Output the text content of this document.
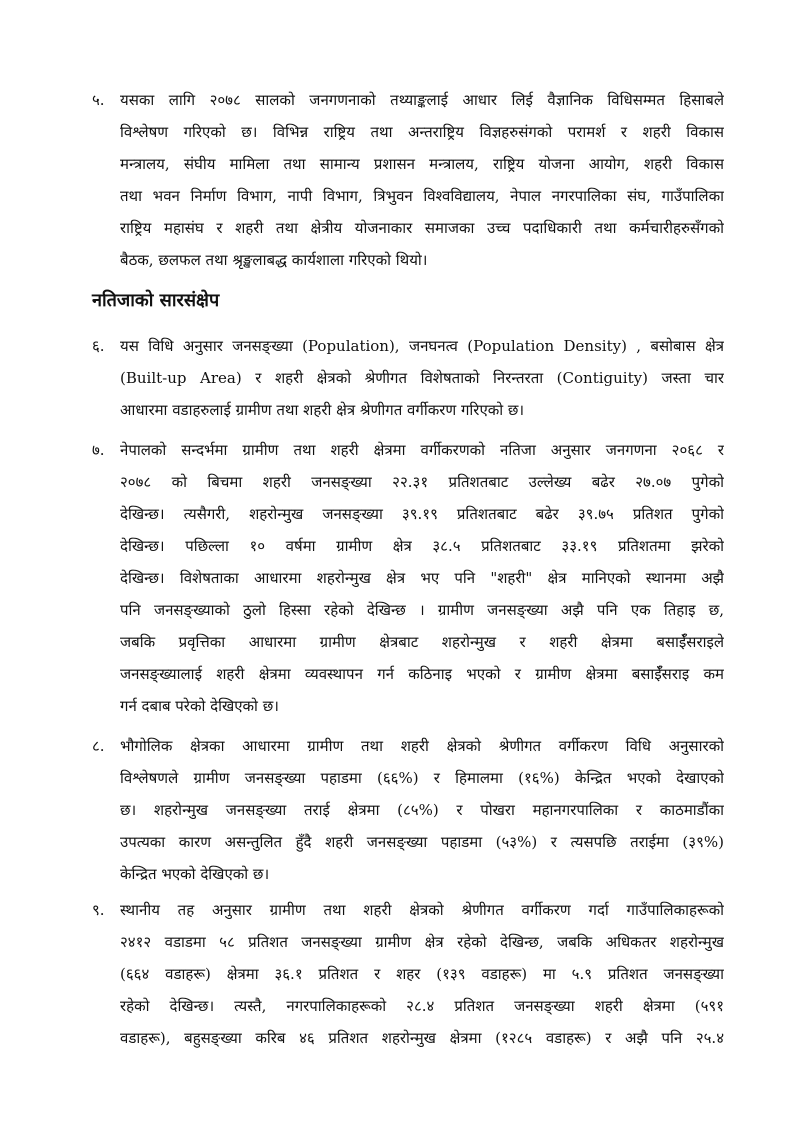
५.	यसका लागि २०७८ सालको जनगणनाको तथ्याङ्कलाई आधार लिई वैज्ञानिक विधिसम्मत हिसाबले
विश्लेषण गरिएको छ। विभिन्न राष्ट्रिय तथा अन्तराष्ट्रिय विज्ञहरुसंगको परामर्श र शहरी विकास
मन्त्रालय, संघीय मामिला तथा सामान्य प्रशासन मन्त्रालय, राष्ट्रिय योजना आयोग, शहरी विकास
तथा भवन निर्माण विभाग, नापी विभाग, त्रिभुवन विश्वविद्यालय, नेपाल नगरपालिका संघ, गाउँपालिका
राष्ट्रिय महासंघ र शहरी तथा क्षेत्रीय योजनाकार समाजका उच्च पदाधिकारी तथा कर्मचारीहरुसँगको
बैठक, छलफल तथा श्रृङ्खलाबद्ध कार्यशाला गरिएको थियो।
नतिजाको सारसंक्षेप
६.	यस विधि अनुसार जनसङ्ख्या (Population), जनघनत्व (Population Density) , बसोबास क्षेत्र
(Built-up Area) र शहरी क्षेत्रको श्रेणीगत विशेषताको निरन्तरता (Contiguity) जस्ता चार
आधारमा वडाहरुलाई ग्रामीण तथा शहरी क्षेत्र श्रेणीगत वर्गीकरण गरिएको छ।
७.	नेपालको सन्दर्भमा ग्रामीण तथा शहरी क्षेत्रमा वर्गीकरणको नतिजा अनुसार जनगणना २०६८ र
२०७८ को बिचमा शहरी जनसङ्ख्या २२.३१ प्रतिशतबाट उल्लेख्य बढेर २७.०७ पुगेको
देखिन्छ। त्यसैगरी, शहरोन्मुख जनसङ्ख्या ३९.१९ प्रतिशतबाट बढेर ३९.७५ प्रतिशत पुगेको
देखिन्छ। पछिल्ला १० वर्षमा ग्रामीण क्षेत्र ३८.५ प्रतिशतबाट ३३.१९ प्रतिशतमा झरेको
देखिन्छ। विशेषताका आधारमा शहरोन्मुख क्षेत्र भए पनि "शहरी" क्षेत्र मानिएको स्थानमा अझै
पनि जनसङ्ख्याको ठुलो हिस्सा रहेको देखिन्छ । ग्रामीण जनसङ्ख्या अझै पनि एक तिहाइ छ,
जबकि प्रवृत्तिका आधारमा ग्रामीण क्षेत्रबाट शहरोन्मुख र शहरी क्षेत्रमा बसाईँसराइले
जनसङ्ख्यालाई शहरी क्षेत्रमा व्यवस्थापन गर्न कठिनाइ भएको र ग्रामीण क्षेत्रमा बसाईँसराइ कम
गर्न दबाब परेको देखिएको छ।
८.	भौगोलिक क्षेत्रका आधारमा ग्रामीण तथा शहरी क्षेत्रको श्रेणीगत वर्गीकरण विधि अनुसारको
विश्लेषणले ग्रामीण जनसङ्ख्या पहाडमा (६६%) र हिमालमा (१६%) केन्द्रित भएको देखाएको
छ। शहरोन्मुख जनसङ्ख्या तराई क्षेत्रमा (८५%) र पोखरा महानगरपालिका र काठमाडौंका
उपत्यका कारण असन्तुलित हुँदै शहरी जनसङ्ख्या पहाडमा (५३%) र त्यसपछि तराईमा (३९%)
केन्द्रित भएको देखिएको छ।
९.	स्थानीय तह अनुसार ग्रामीण तथा शहरी क्षेत्रको श्रेणीगत वर्गीकरण गर्दा गाउँपालिकाहरूको
२४१२ वडाडमा ५८ प्रतिशत जनसङ्ख्या ग्रामीण क्षेत्र रहेको देखिन्छ, जबकि अधिकतर शहरोन्मुख
(६६४ वडाहरू) क्षेत्रमा ३६.१ प्रतिशत र शहर (१३९ वडाहरू) मा ५.९ प्रतिशत जनसङ्ख्या
रहेको देखिन्छ। त्यस्तै, नगरपालिकाहरूको २८.४ प्रतिशत जनसङ्ख्या शहरी क्षेत्रमा (५९१
वडाहरू), बहुसङ्ख्या करिब ४६ प्रतिशत शहरोन्मुख क्षेत्रमा (१२८५ वडाहरू) र अझै पनि २५.४
